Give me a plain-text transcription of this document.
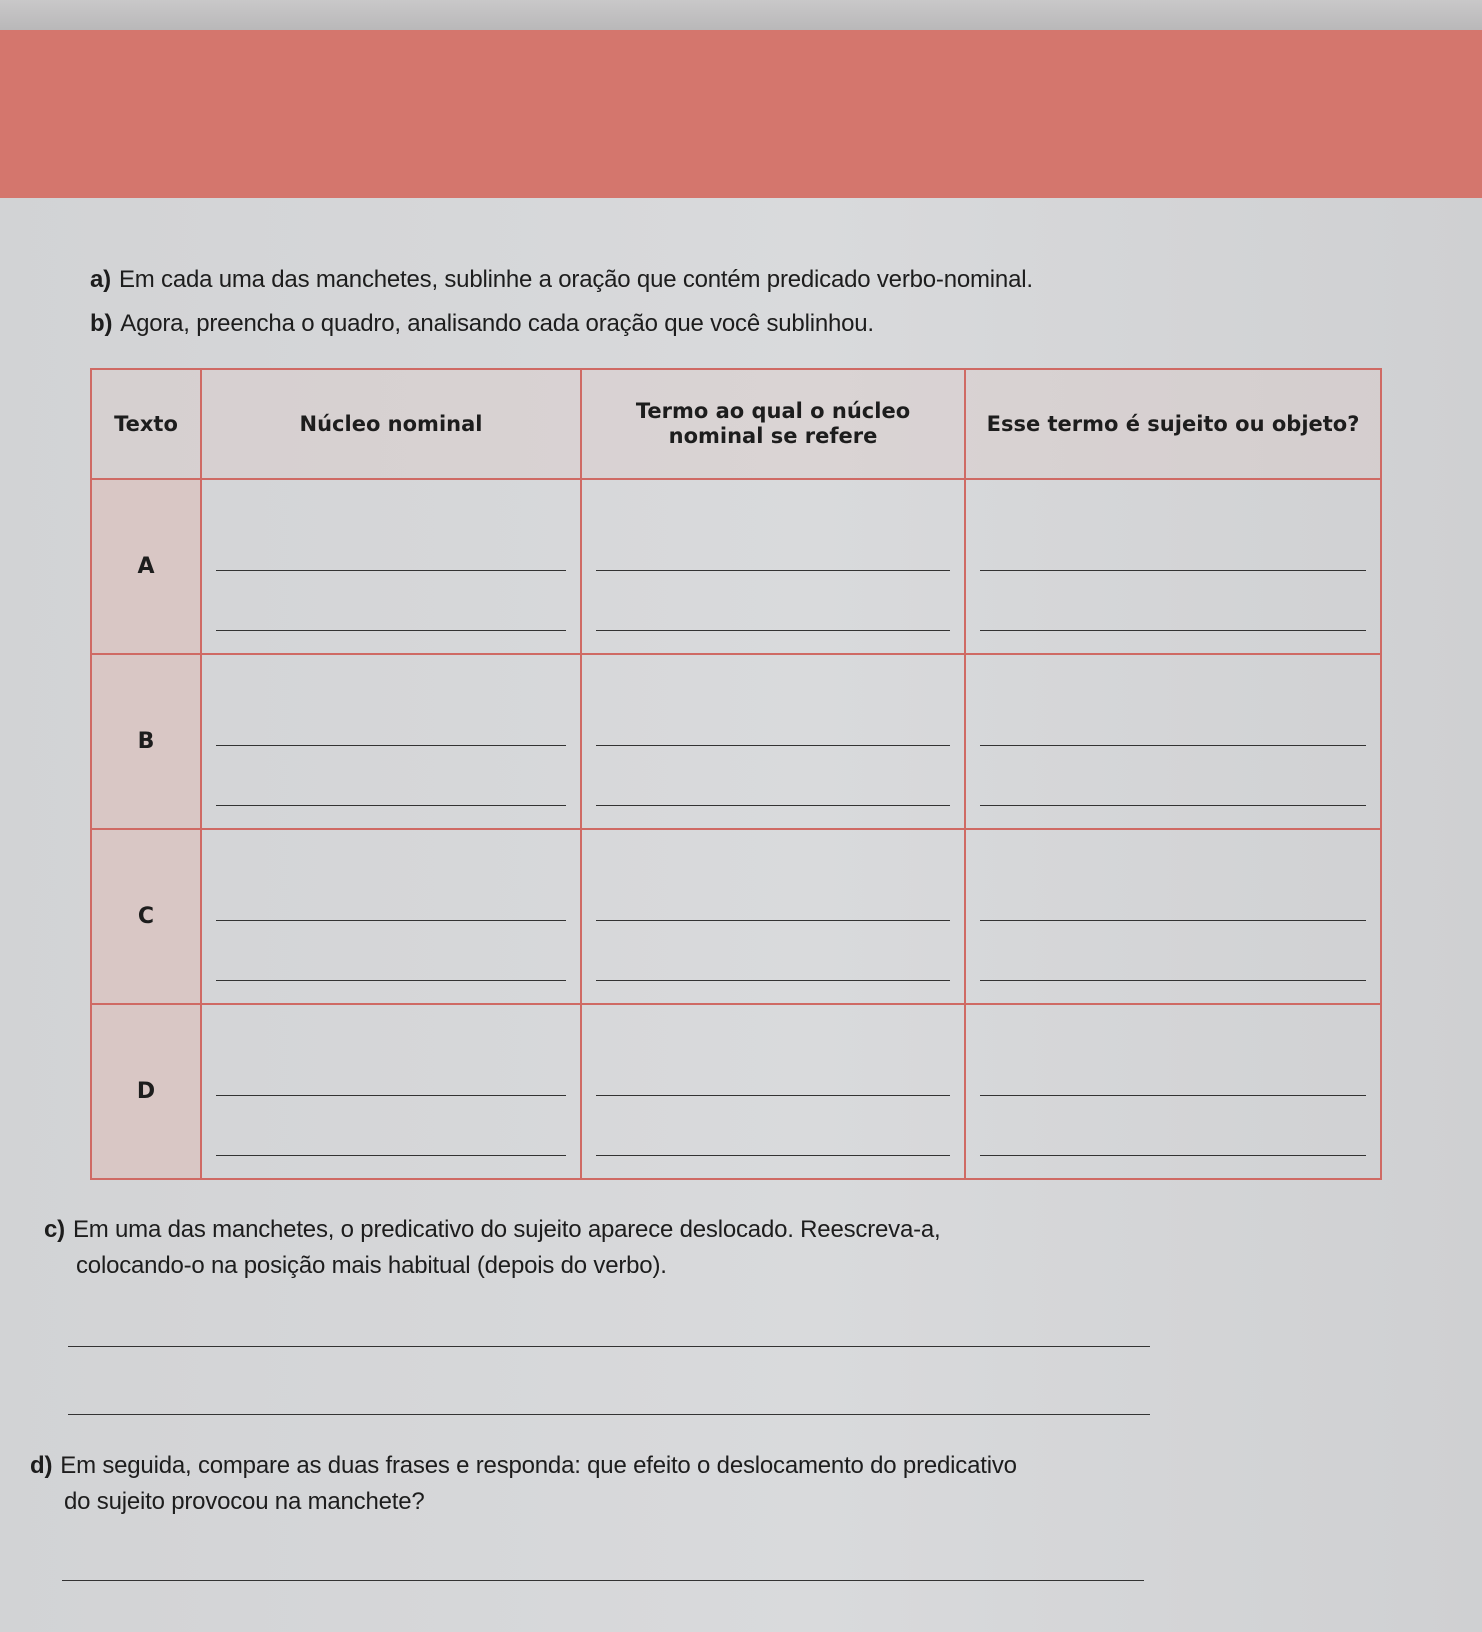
a) Em cada uma das manchetes, sublinhe a oração que contém predicado verbo-nominal.
b) Agora, preencha o quadro, analisando cada oração que você sublinhou.
Texto	Núcleo nominal	Termo ao qual o núcleo nominal se refere	Esse termo é sujeito ou objeto?
A	

B	

C	

D	

c) Em uma das manchetes, o predicativo do sujeito aparece deslocado. Reescreva-a,
colocando-o na posição mais habitual (depois do verbo).
d) Em seguida, compare as duas frases e responda: que efeito o deslocamento do predicativo
do sujeito provocou na manchete?
